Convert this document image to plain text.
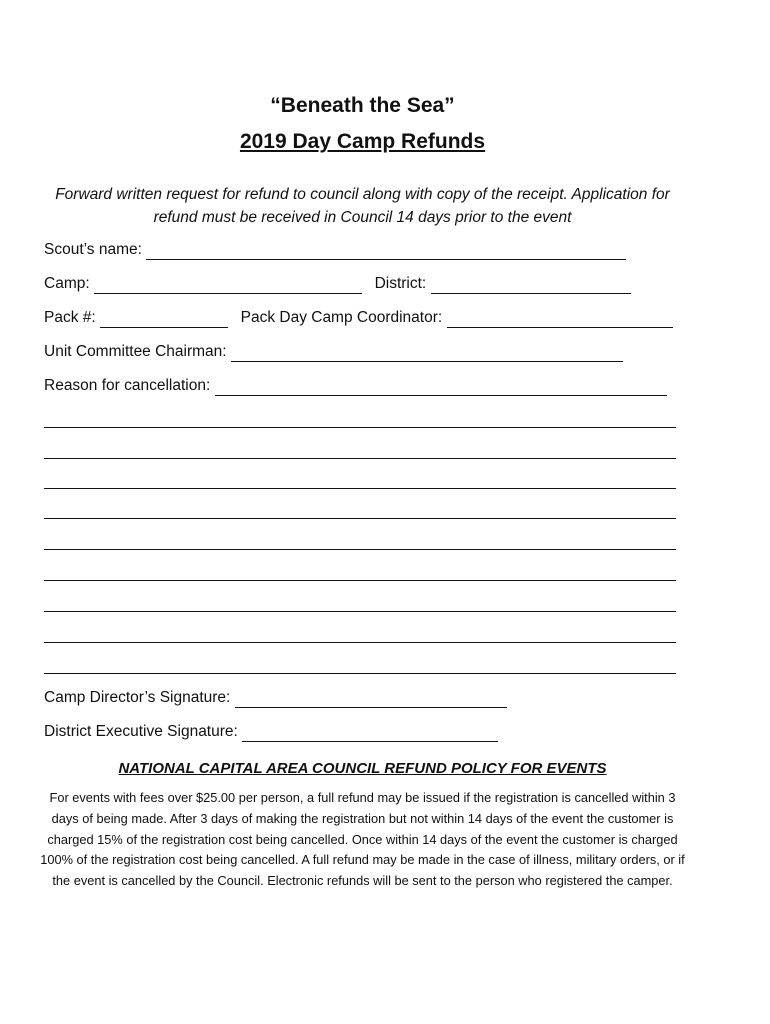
“Beneath the Sea”
2019 Day Camp Refunds
Forward written request for refund to council along with copy of the receipt. Application for refund must be received in Council 14 days prior to the event
Scout’s name:
Camp:	District:
Pack #:	Pack Day Camp Coordinator:
Unit Committee Chairman:
Reason for cancellation:
Camp Director’s Signature:
District Executive Signature:
NATIONAL CAPITAL AREA COUNCIL REFUND POLICY FOR EVENTS
For events with fees over $25.00 per person, a full refund may be issued if the registration is cancelled within 3 days of being made. After 3 days of making the registration but not within 14 days of the event the customer is charged 15% of the registration cost being cancelled. Once within 14 days of the event the customer is charged 100% of the registration cost being cancelled. A full refund may be made in the case of illness, military orders, or if the event is cancelled by the Council. Electronic refunds will be sent to the person who registered the camper.
